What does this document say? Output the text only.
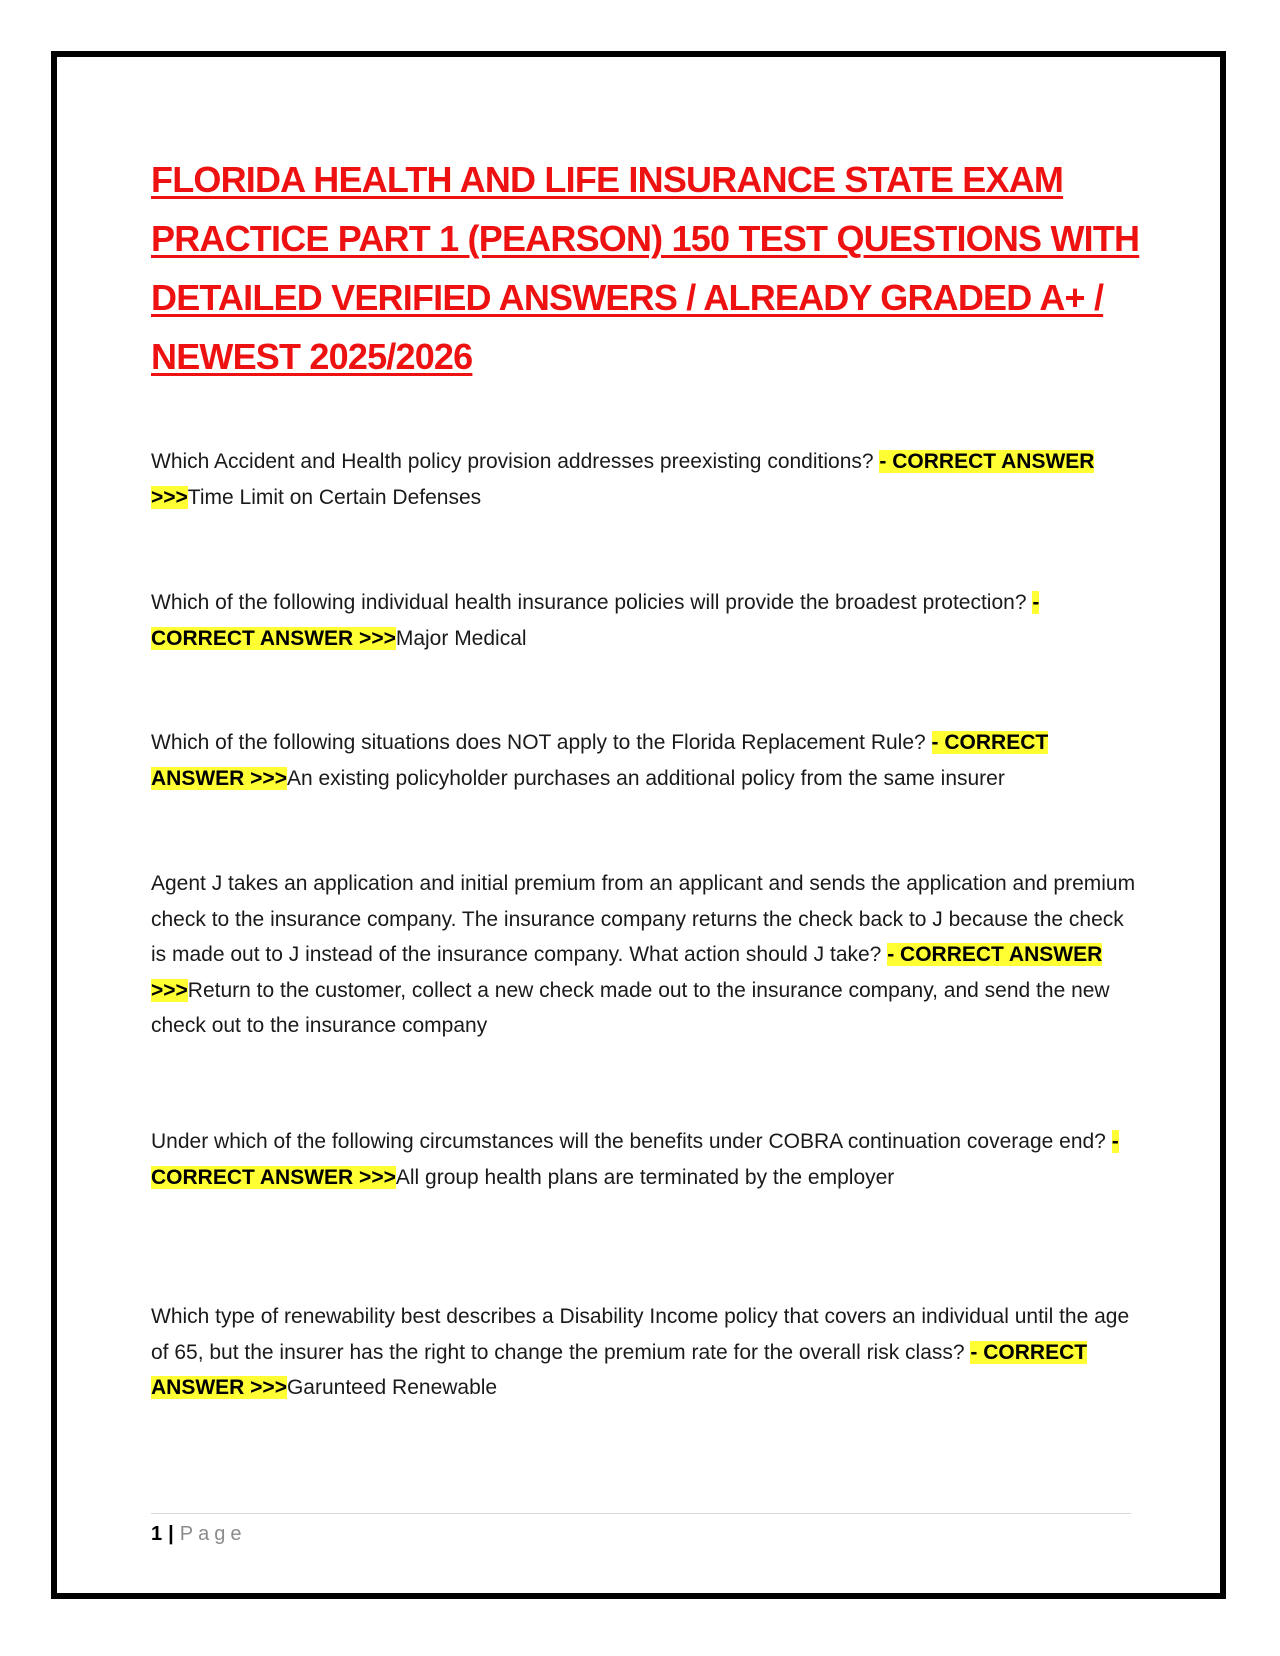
FLORIDA HEALTH AND LIFE INSURANCE STATE EXAM PRACTICE PART 1 (PEARSON) 150 TEST QUESTIONS WITH DETAILED VERIFIED ANSWERS / ALREADY GRADED A+ / NEWEST 2025/2026

Which Accident and Health policy provision addresses preexisting conditions? - CORRECT ANSWER >>>Time Limit on Certain Defenses

Which of the following individual health insurance policies will provide the broadest protection? - CORRECT ANSWER >>>Major Medical

Which of the following situations does NOT apply to the Florida Replacement Rule? - CORRECT ANSWER >>>An existing policyholder purchases an additional policy from the same insurer

Agent J takes an application and initial premium from an applicant and sends the application and premium check to the insurance company. The insurance company returns the check back to J because the check is made out to J instead of the insurance company. What action should J take? - CORRECT ANSWER >>>Return to the customer, collect a new check made out to the insurance company, and send the new check out to the insurance company

Under which of the following circumstances will the benefits under COBRA continuation coverage end? - CORRECT ANSWER >>>All group health plans are terminated by the employer

Which type of renewability best describes a Disability Income policy that covers an individual until the age of 65, but the insurer has the right to change the premium rate for the overall risk class? - CORRECT ANSWER >>>Garunteed Renewable

1 | Page
